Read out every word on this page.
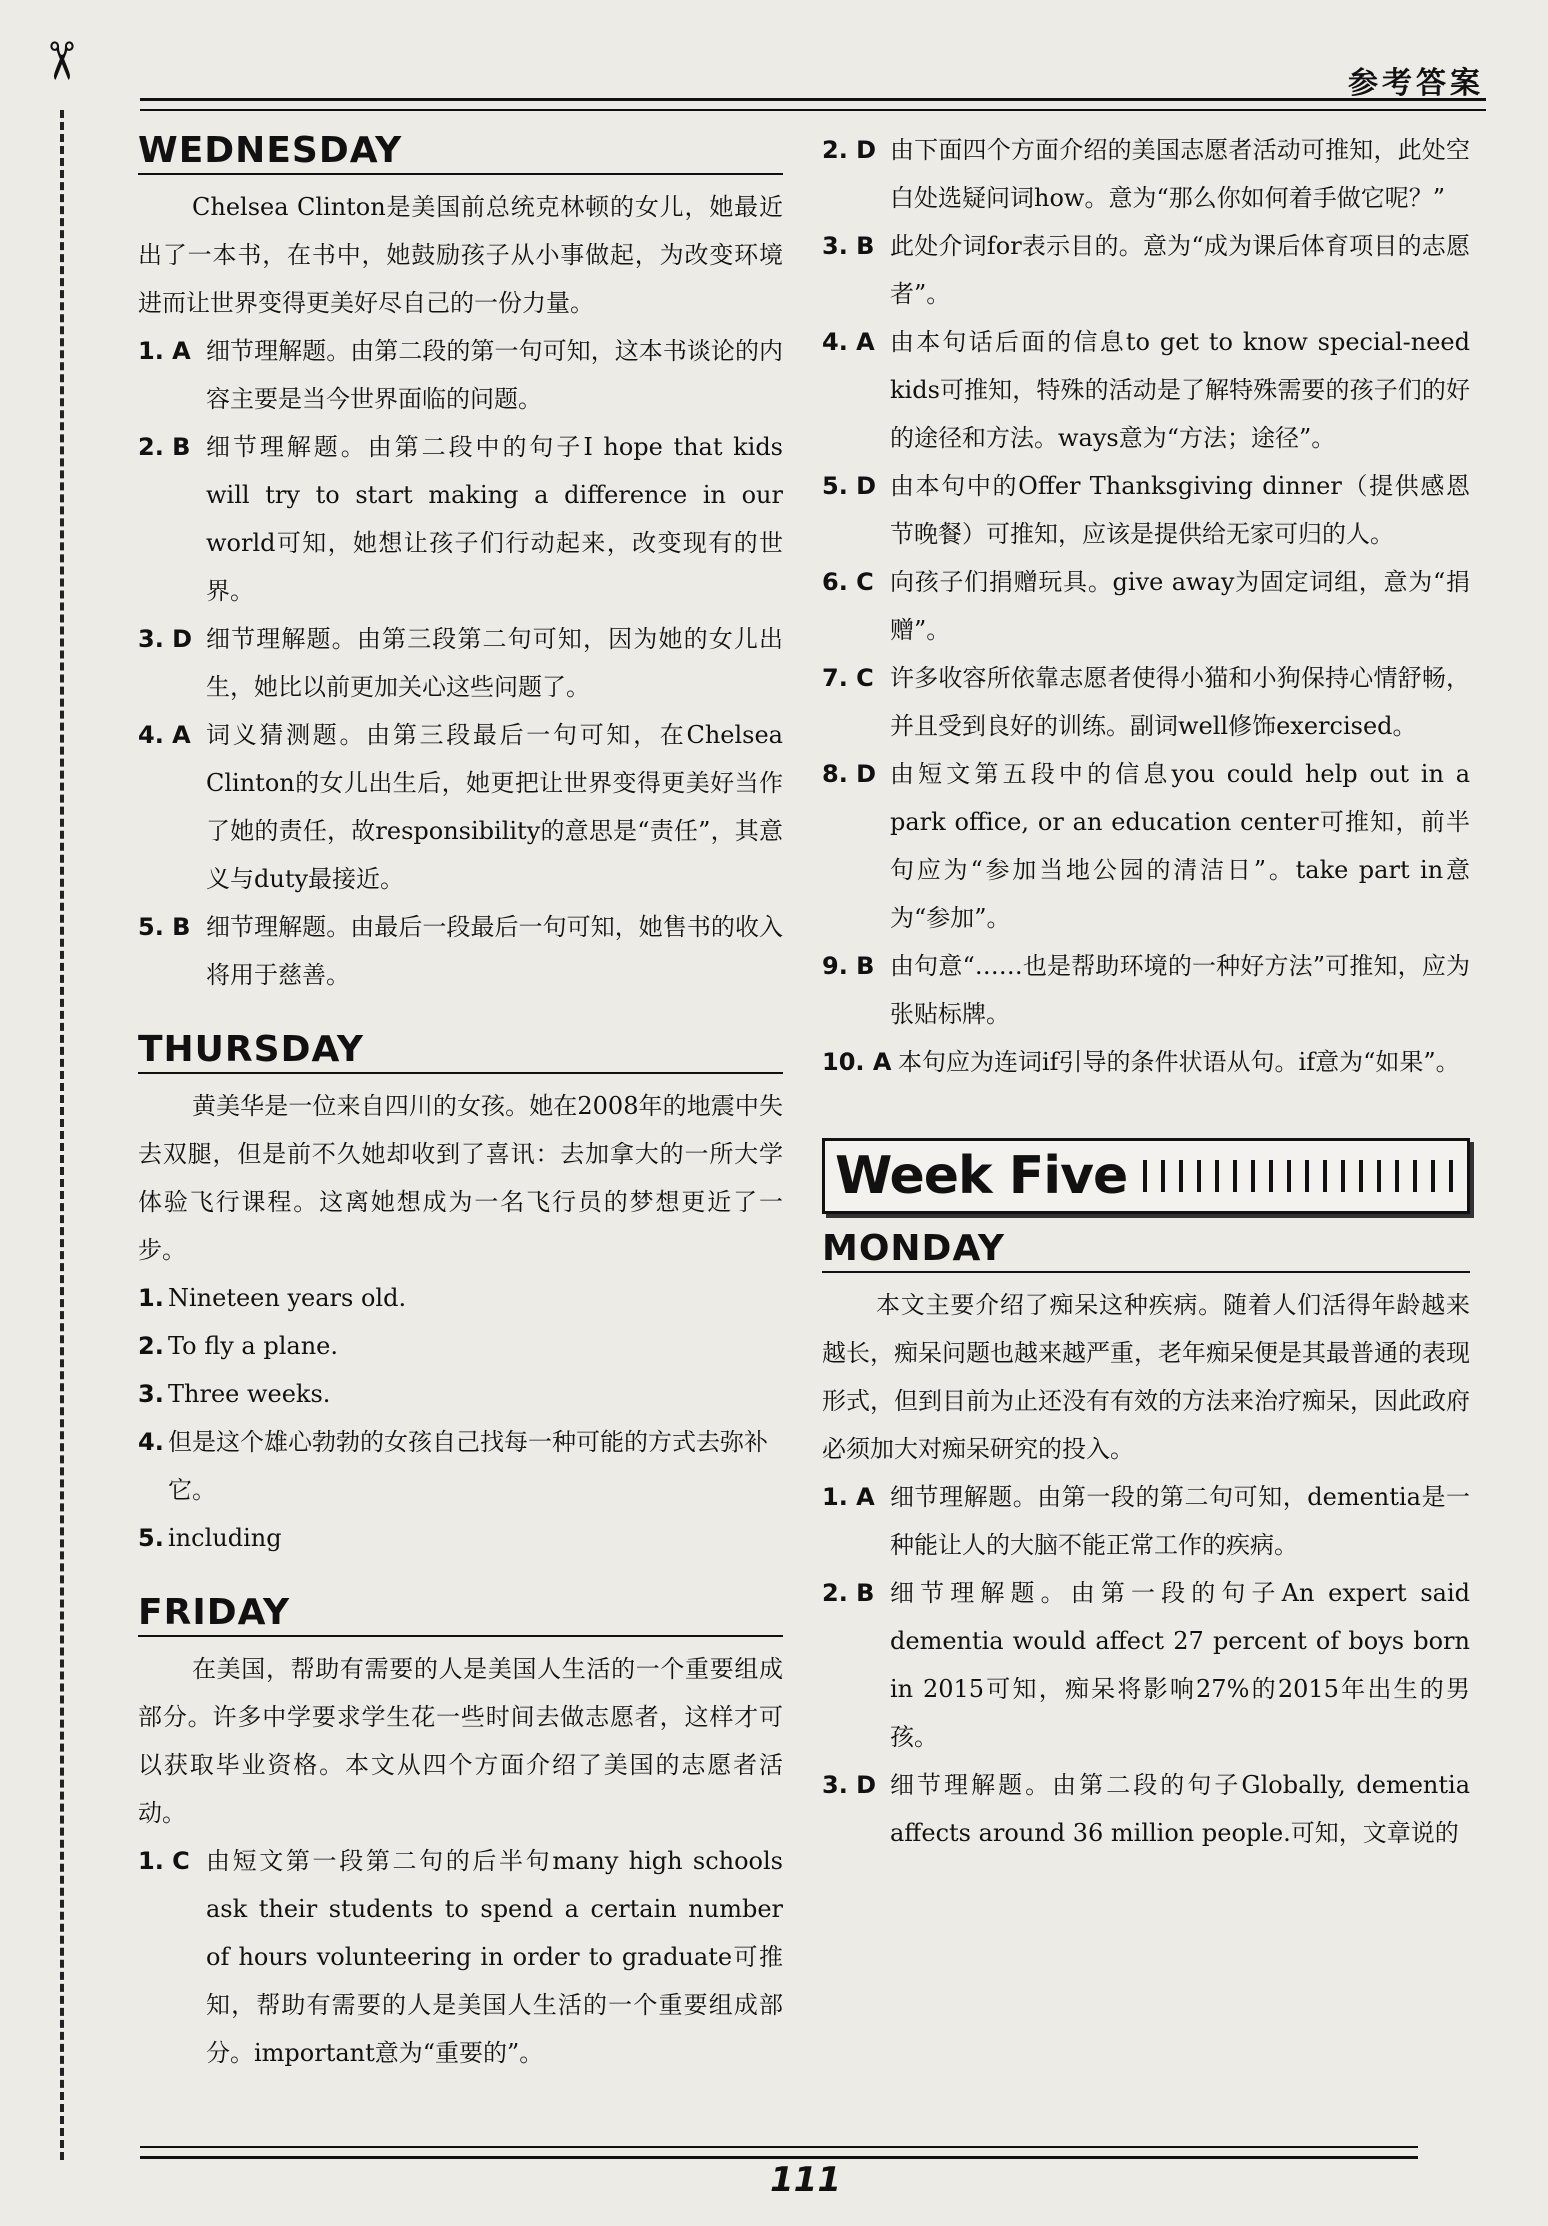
✂
参考答案
WEDNESDAY

Chelsea Clinton是美国前总统克林顿的女儿，她最近出了一本书，在书中，她鼓励孩子从小事做起，为改变环境进而让世界变得更美好尽自己的一份力量。

1. A 细节理解题。由第二段的第一句可知，这本书谈论的内容主要是当今世界面临的问题。
2. B 细节理解题。由第二段中的句子I hope that kids will try to start making a difference in our world可知，她想让孩子们行动起来，改变现有的世界。
3. D 细节理解题。由第三段第二句可知，因为她的女儿出生，她比以前更加关心这些问题了。
4. A 词义猜测题。由第三段最后一句可知，在Chelsea Clinton的女儿出生后，她更把让世界变得更美好当作了她的责任，故responsibility的意思是“责任”，其意义与duty最接近。
5. B 细节理解题。由最后一段最后一句可知，她售书的收入将用于慈善。
THURSDAY

黄美华是一位来自四川的女孩。她在2008年的地震中失去双腿，但是前不久她却收到了喜讯：去加拿大的一所大学体验飞行课程。这离她想成为一名飞行员的梦想更近了一步。

1. Nineteen years old.
2. To fly a plane.
3. Three weeks.
4. 但是这个雄心勃勃的女孩自己找每一种可能的方式去弥补它。
5. including
FRIDAY

在美国，帮助有需要的人是美国人生活的一个重要组成部分。许多中学要求学生花一些时间去做志愿者，这样才可以获取毕业资格。本文从四个方面介绍了美国的志愿者活动。

1. C 由短文第一段第二句的后半句many high schools ask their students to spend a certain number of hours volunteering in order to graduate可推知，帮助有需要的人是美国人生活的一个重要组成部分。important意为“重要的”。
2. D 由下面四个方面介绍的美国志愿者活动可推知，此处空白处选疑问词how。意为“那么你如何着手做它呢？”
3. B 此处介词for表示目的。意为“成为课后体育项目的志愿者”。
4. A 由本句话后面的信息to get to know special-need kids可推知，特殊的活动是了解特殊需要的孩子们的好的途径和方法。ways意为“方法；途径”。
5. D 由本句中的Offer Thanksgiving dinner（提供感恩节晚餐）可推知，应该是提供给无家可归的人。
6. C 向孩子们捐赠玩具。give away为固定词组，意为“捐赠”。
7. C 许多收容所依靠志愿者使得小猫和小狗保持心情舒畅，并且受到良好的训练。副词well修饰exercised。
8. D 由短文第五段中的信息you could help out in a park office, or an education center可推知，前半句应为“参加当地公园的清洁日”。take part in意为“参加”。
9. B 由句意“……也是帮助环境的一种好方法”可推知，应为张贴标牌。
10. A 本句应为连词if引导的条件状语从句。if意为“如果”。
Week Five
MONDAY

本文主要介绍了痴呆这种疾病。随着人们活得年龄越来越长，痴呆问题也越来越严重，老年痴呆便是其最普通的表现形式，但到目前为止还没有有效的方法来治疗痴呆，因此政府必须加大对痴呆研究的投入。

1. A 细节理解题。由第一段的第二句可知，dementia是一种能让人的大脑不能正常工作的疾病。
2. B 细节理解题。由第一段的句子An expert said dementia would affect 27 percent of boys born in 2015可知，痴呆将影响27%的2015年出生的男孩。
3. D 细节理解题。由第二段的句子Globally, dementia affects around 36 million people.可知，文章说的
111
